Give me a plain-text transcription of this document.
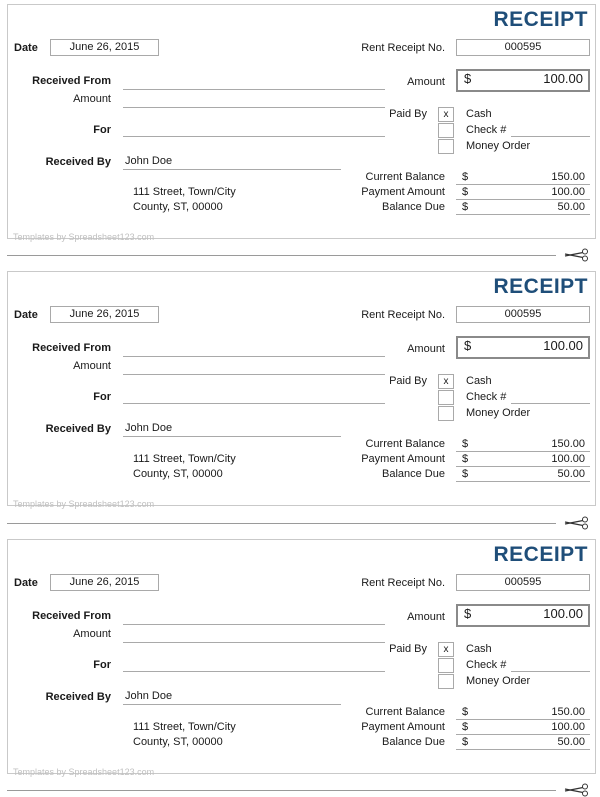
RECEIPT
Date	June 26, 2015	Rent Receipt No.	000595
Received From
Amount
For
Received By John Doe
111 Street, Town/City
County, ST, 00000
Amount $	100.00
Paid By	x	Cash
Check #
Money Order
Current Balance $	150.00
Payment Amount $	100.00
Balance Due $	50.00
Templates by Spreadsheet123.com
RECEIPT
Date	June 26, 2015	Rent Receipt No.	000595
Received From
Amount
For
Received By John Doe
111 Street, Town/City
County, ST, 00000
Amount $	100.00
Paid By	x	Cash
Check #
Money Order
Current Balance $	150.00
Payment Amount $	100.00
Balance Due $	50.00
Templates by Spreadsheet123.com
RECEIPT
Date	June 26, 2015	Rent Receipt No.	000595
Received From
Amount
For
Received By John Doe
111 Street, Town/City
County, ST, 00000
Amount $	100.00
Paid By	x	Cash
Check #
Money Order
Current Balance $	150.00
Payment Amount $	100.00
Balance Due $	50.00
Templates by Spreadsheet123.com
